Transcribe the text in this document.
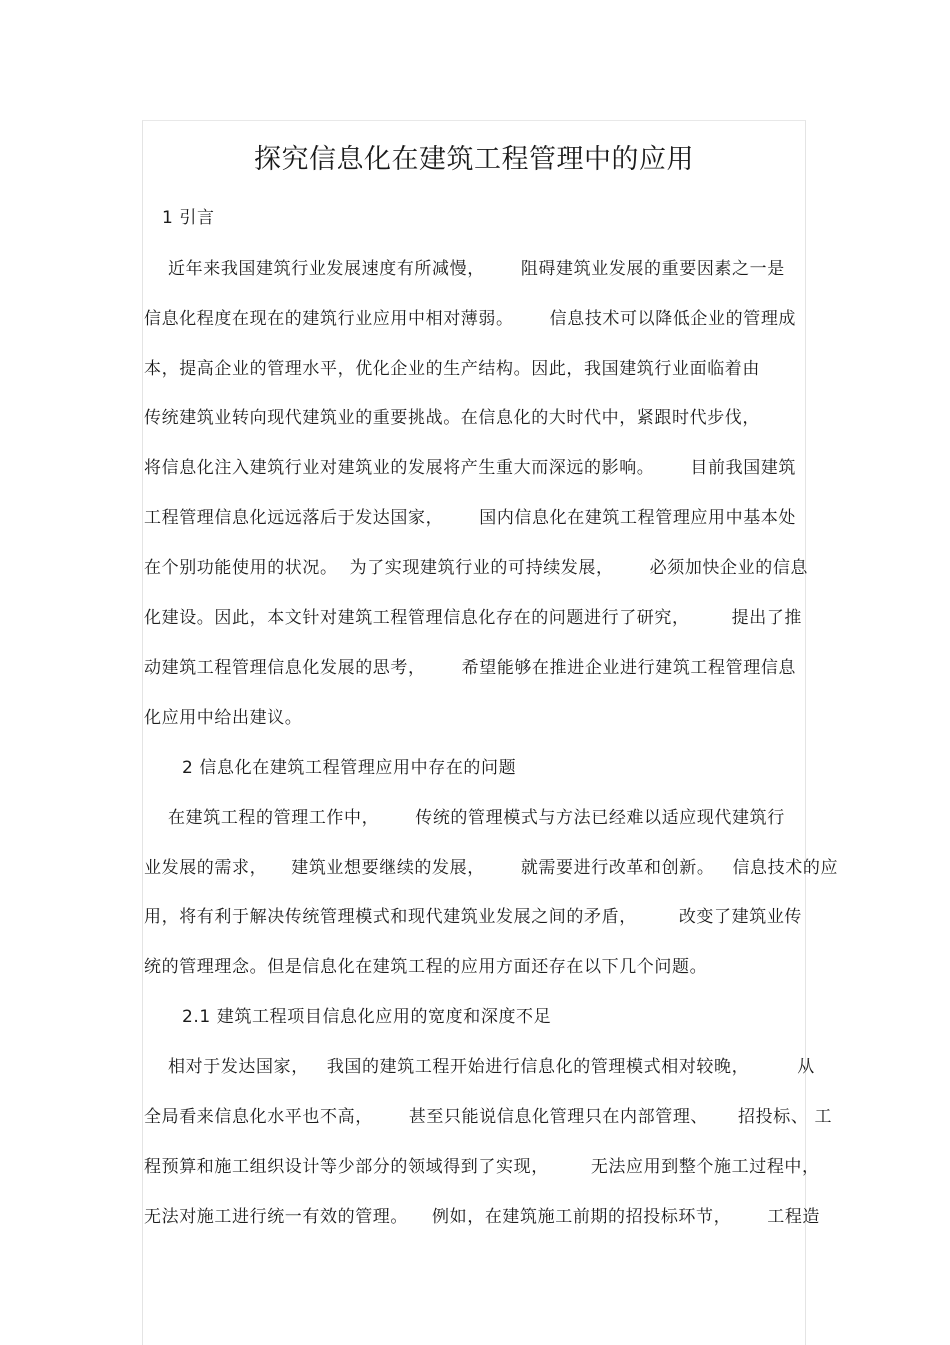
探究信息化在建筑工程管理中的应用
1 引言
近年来我国建筑行业发展速度有所减慢，      阻碍建筑业发展的重要因素之一是
信息化程度在现在的建筑行业应用中相对薄弱。      信息技术可以降低企业的管理成
本，提高企业的管理水平，优化企业的生产结构。因此，我国建筑行业面临着由
传统建筑业转向现代建筑业的重要挑战。在信息化的大时代中，紧跟时代步伐，
将信息化注入建筑行业对建筑业的发展将产生重大而深远的影响。      目前我国建筑
工程管理信息化远远落后于发达国家，      国内信息化在建筑工程管理应用中基本处
在个别功能使用的状况。  为了实现建筑行业的可持续发展，      必须加快企业的信息
化建设。因此，本文针对建筑工程管理信息化存在的问题进行了研究，       提出了推
动建筑工程管理信息化发展的思考，      希望能够在推进企业进行建筑工程管理信息
化应用中给出建议。
2 信息化在建筑工程管理应用中存在的问题
在建筑工程的管理工作中，      传统的管理模式与方法已经难以适应现代建筑行
业发展的需求，    建筑业想要继续的发展，      就需要进行改革和创新。   信息技术的应
用，将有利于解决传统管理模式和现代建筑业发展之间的矛盾，       改变了建筑业传
统的管理理念。但是信息化在建筑工程的应用方面还存在以下几个问题。
2.1 建筑工程项目信息化应用的宽度和深度不足
相对于发达国家，   我国的建筑工程开始进行信息化的管理模式相对较晚，        从
全局看来信息化水平也不高，      甚至只能说信息化管理只在内部管理、     招投标、 工
程预算和施工组织设计等少部分的领域得到了实现，       无法应用到整个施工过程中，
无法对施工进行统一有效的管理。    例如，在建筑施工前期的招投标环节，      工程造
